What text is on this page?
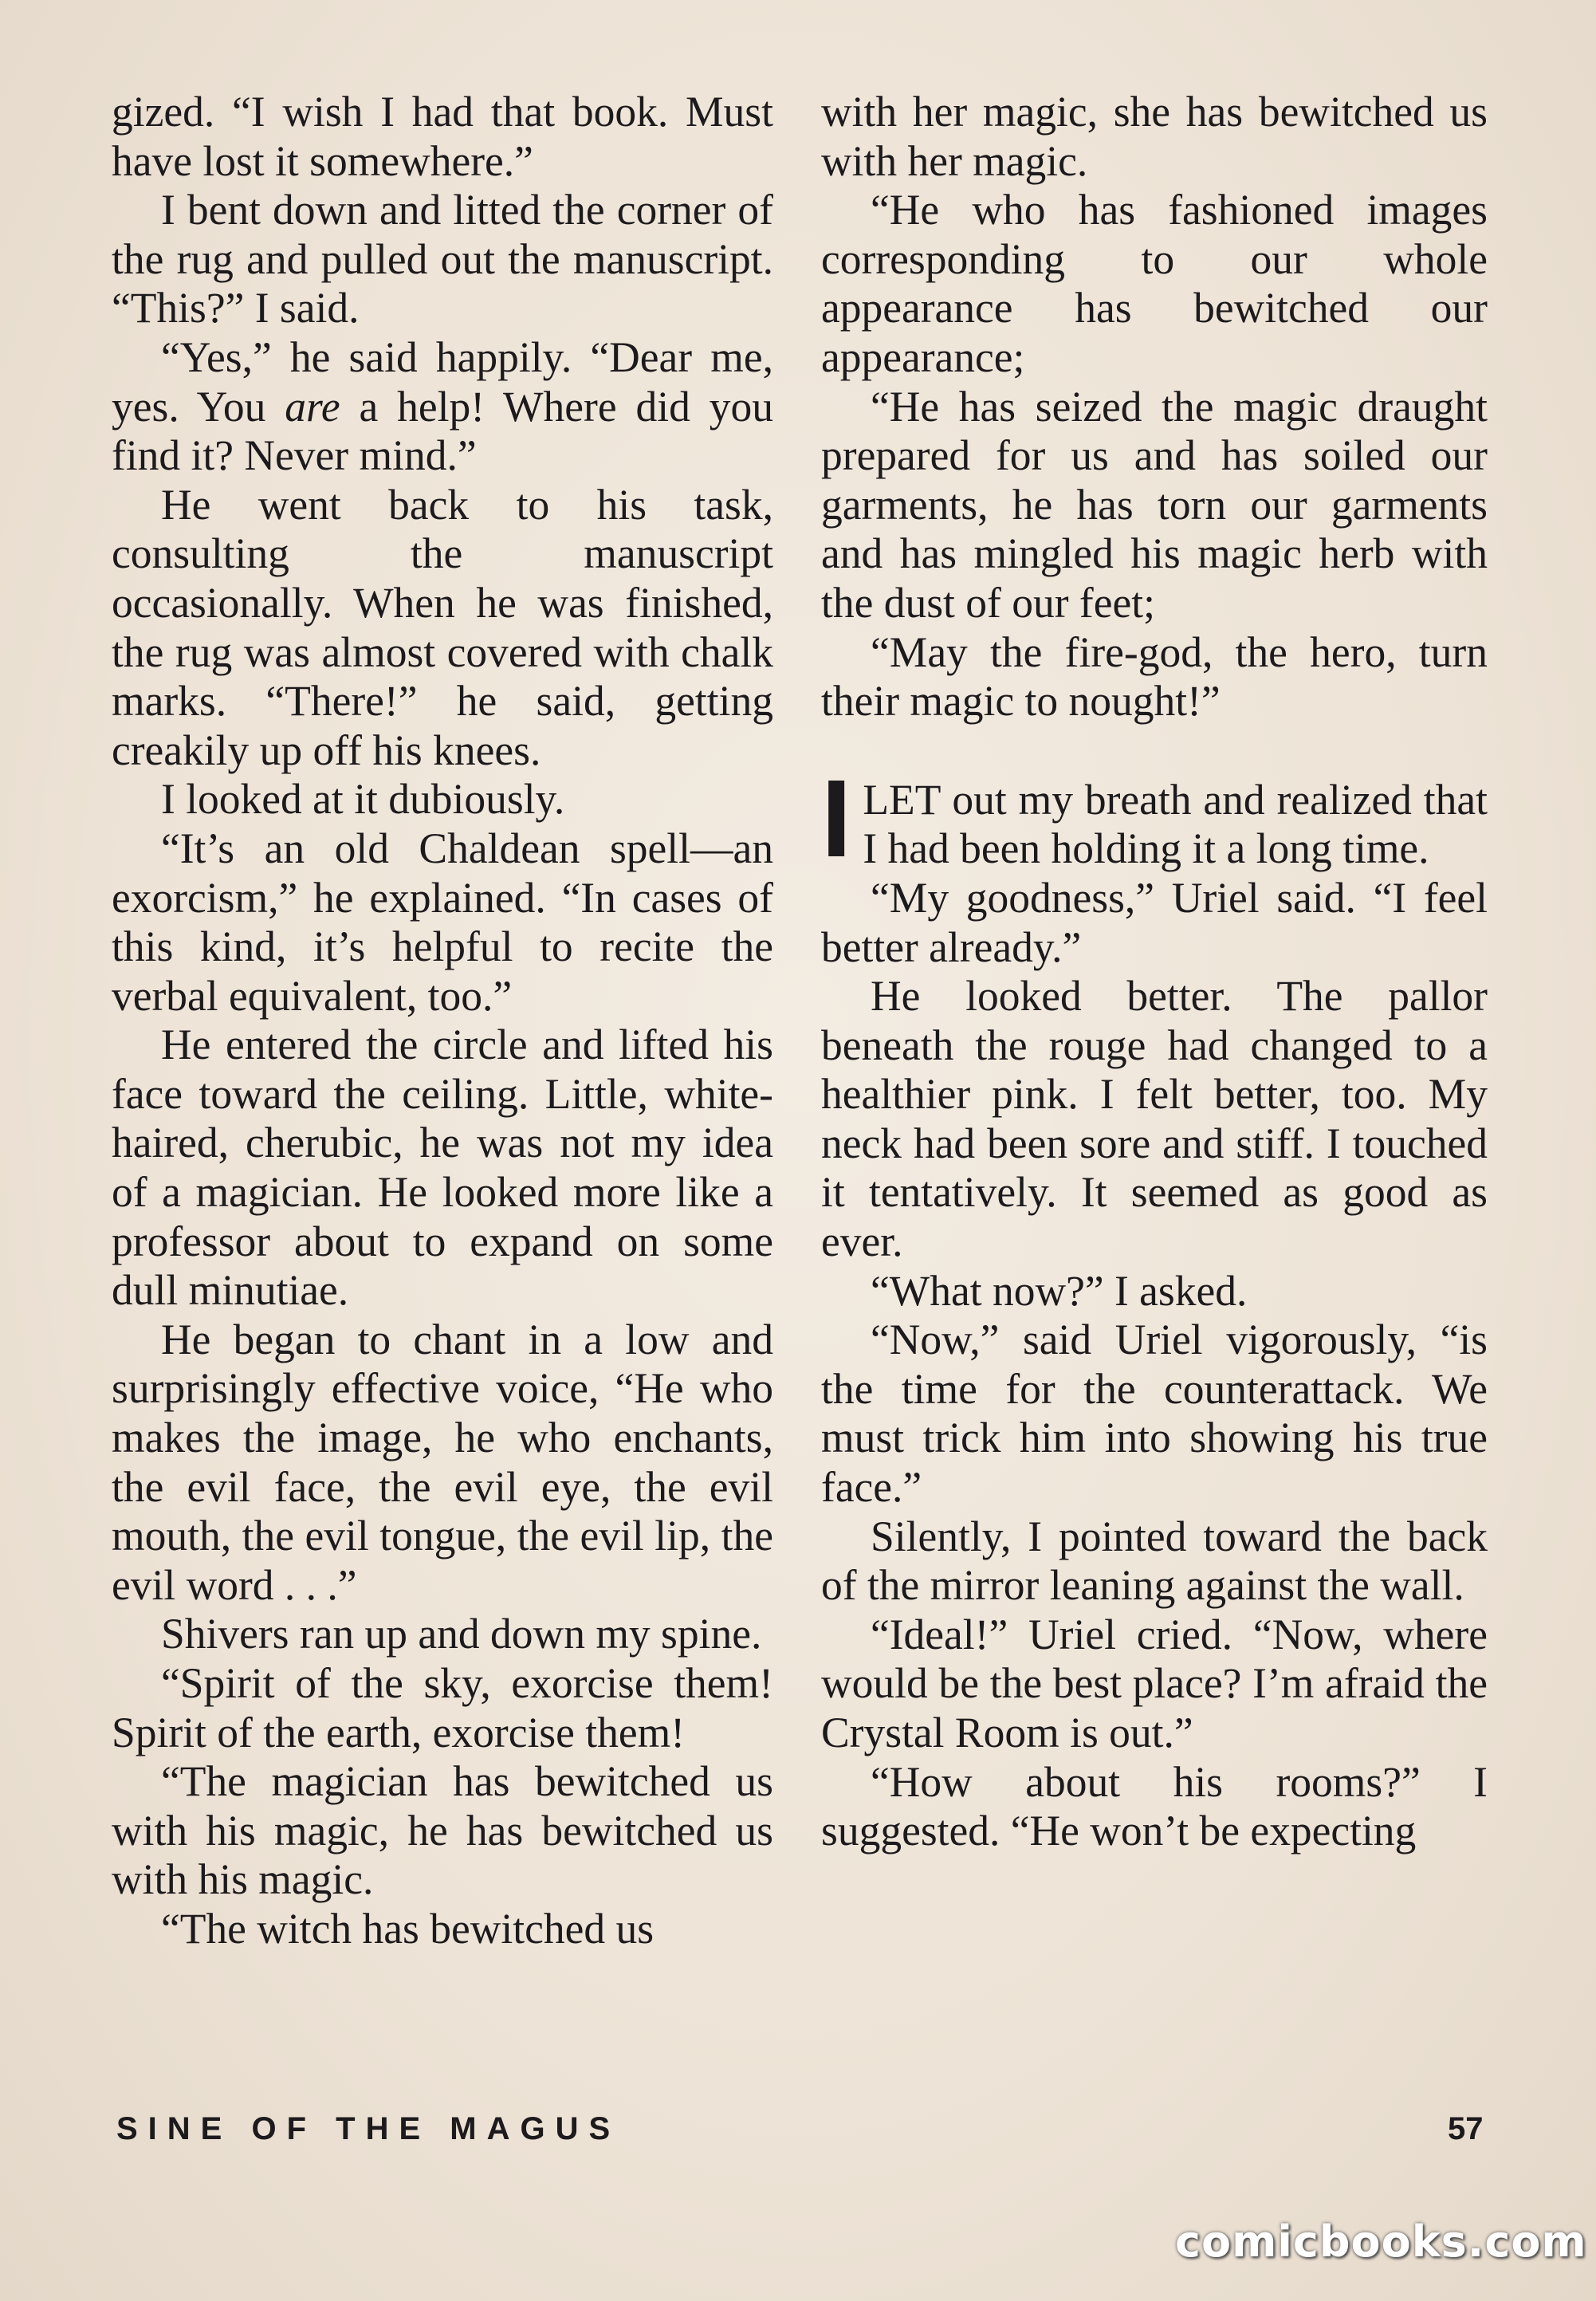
gized. “I wish I had that book. Must have lost it somewhere.”

I bent down and litted the corner of the rug and pulled out the manuscript. “This?” I said.

“Yes,” he said happily. “Dear me, yes. You are a help! Where did you find it? Never mind.”

He went back to his task, consulting the manuscript occasionally. When he was finished, the rug was almost covered with chalk marks. “There!” he said, getting creakily up off his knees.

I looked at it dubiously.

“It’s an old Chaldean spell—an exorcism,” he explained. “In cases of this kind, it’s helpful to recite the verbal equivalent, too.”

He entered the circle and lifted his face toward the ceiling. Little, white-haired, cherubic, he was not my idea of a magician. He looked more like a professor about to expand on some dull minutiae.

He began to chant in a low and surprisingly effective voice, “He who makes the image, he who enchants, the evil face, the evil eye, the evil mouth, the evil tongue, the evil lip, the evil word . . .”

Shivers ran up and down my spine.

“Spirit of the sky, exorcise them! Spirit of the earth, exorcise them!

“The magician has bewitched us with his magic, he has bewitched us with his magic.

“The witch has bewitched us

with her magic, she has bewitched us with her magic.

“He who has fashioned images corresponding to our whole appearance has bewitched our appearance;

“He has seized the magic draught prepared for us and has soiled our garments, he has torn our garments and has mingled his magic herb with the dust of our feet;

“May the fire-god, the hero, turn their magic to nought!”

ILET out my breath and realized that I had been holding it a long time.

“My goodness,” Uriel said. “I feel better already.”

He looked better. The pallor beneath the rouge had changed to a healthier pink. I felt better, too. My neck had been sore and stiff. I touched it tentatively. It seemed as good as ever.

“What now?” I asked.

“Now,” said Uriel vigorously, “is the time for the counterattack. We must trick him into showing his true face.”

Silently, I pointed toward the back of the mirror leaning against the wall.

“Ideal!” Uriel cried. “Now, where would be the best place? I’m afraid the Crystal Room is out.”

“How about his rooms?” I suggested. “He won’t be expecting

SINE OF THE MAGUS	57
comicbooks.com
